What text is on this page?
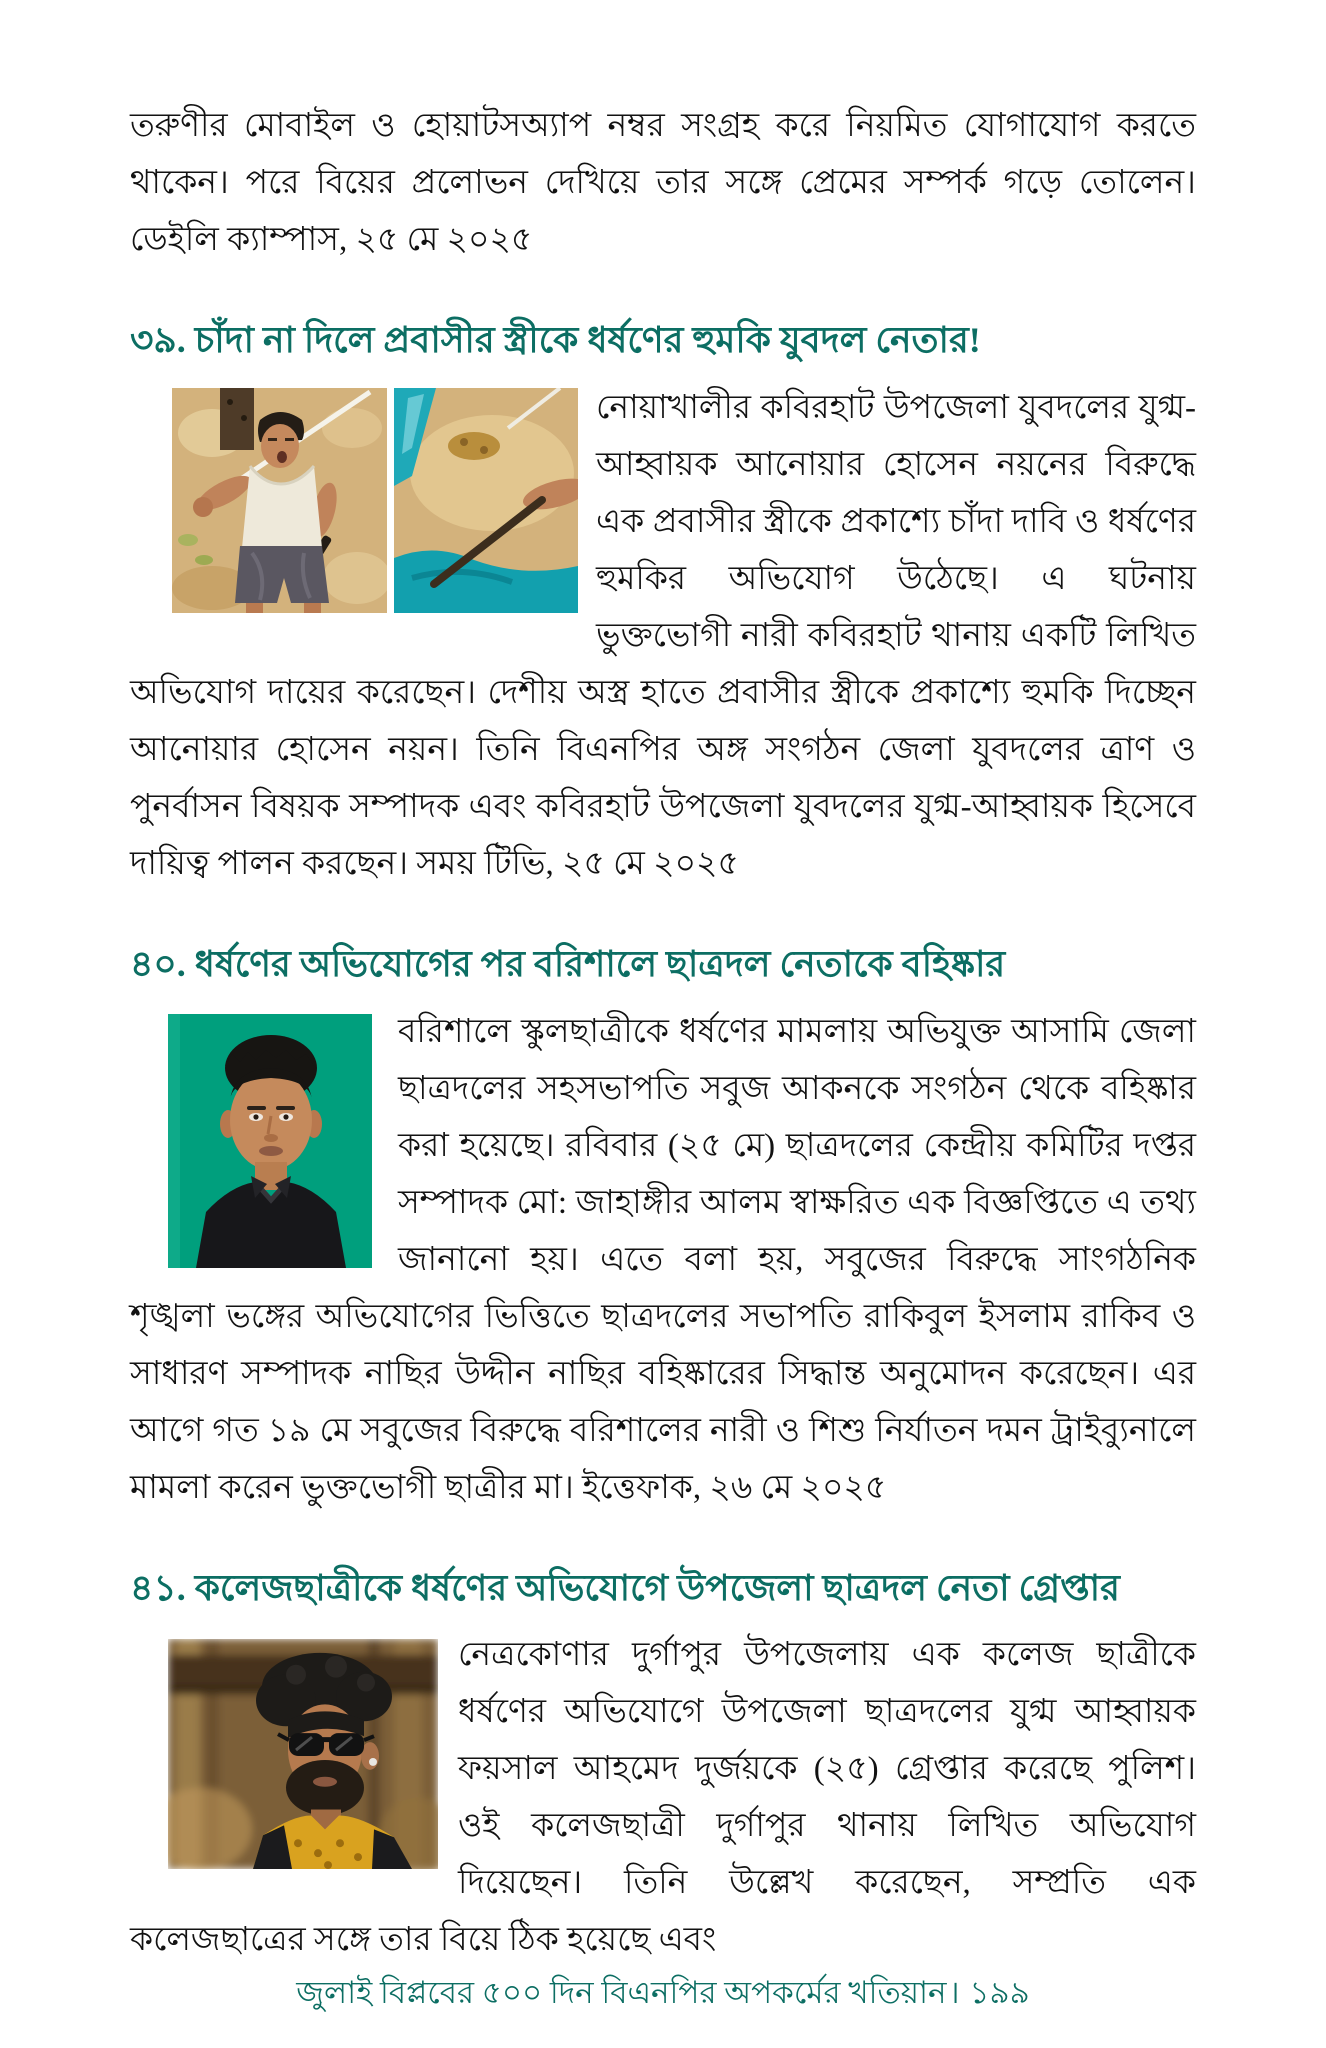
তরুণীর মোবাইল ও হোয়াটসঅ্যাপ নম্বর সংগ্রহ করে নিয়মিত যোগাযোগ করতে থাকেন। পরে বিয়ের প্রলোভন দেখিয়ে তার সঙ্গে প্রেমের সম্পর্ক গড়ে তোলেন। ডেইলি ক্যাম্পাস, ২৫ মে ২০২৫

৩৯. চাঁদা না দিলে প্রবাসীর স্ত্রীকে ধর্ষণের হুমকি যুবদল নেতার!

নোয়াখালীর কবিরহাট উপজেলা যুবদলের যুগ্ম-আহ্বায়ক আনোয়ার হোসেন নয়নের বিরুদ্ধে এক প্রবাসীর স্ত্রীকে প্রকাশ্যে চাঁদা দাবি ও ধর্ষণের হুমকির অভিযোগ উঠেছে। এ ঘটনায় ভুক্তভোগী নারী কবিরহাট থানায় একটি লিখিত অভিযোগ দায়ের করেছেন। দেশীয় অস্ত্র হাতে প্রবাসীর স্ত্রীকে প্রকাশ্যে হুমকি দিচ্ছেন আনোয়ার হোসেন নয়ন। তিনি বিএনপির অঙ্গ সংগঠন জেলা যুবদলের ত্রাণ ও পুনর্বাসন বিষয়ক সম্পাদক এবং কবিরহাট উপজেলা যুবদলের যুগ্ম-আহ্বায়ক হিসেবে দায়িত্ব পালন করছেন। সময় টিভি, ২৫ মে ২০২৫

৪০. ধর্ষণের অভিযোগের পর বরিশালে ছাত্রদল নেতাকে বহিষ্কার

বরিশালে স্কুলছাত্রীকে ধর্ষণের মামলায় অভিযুক্ত আসামি জেলা ছাত্রদলের সহসভাপতি সবুজ আকনকে সংগঠন থেকে বহিষ্কার করা হয়েছে। রবিবার (২৫ মে) ছাত্রদলের কেন্দ্রীয় কমিটির দপ্তর সম্পাদক মো: জাহাঙ্গীর আলম স্বাক্ষরিত এক বিজ্ঞপ্তিতে এ তথ্য জানানো হয়। এতে বলা হয়, সবুজের বিরুদ্ধে সাংগঠনিক শৃঙ্খলা ভঙ্গের অভিযোগের ভিত্তিতে ছাত্রদলের সভাপতি রাকিবুল ইসলাম রাকিব ও সাধারণ সম্পাদক নাছির উদ্দীন নাছির বহিষ্কারের সিদ্ধান্ত অনুমোদন করেছেন। এর আগে গত ১৯ মে সবুজের বিরুদ্ধে বরিশালের নারী ও শিশু নির্যাতন দমন ট্রাইব্যুনালে মামলা করেন ভুক্তভোগী ছাত্রীর মা। ইত্তেফাক, ২৬ মে ২০২৫

৪১. কলেজছাত্রীকে ধর্ষণের অভিযোগে উপজেলা ছাত্রদল নেতা গ্রেপ্তার

নেত্রকোণার দুর্গাপুর উপজেলায় এক কলেজ ছাত্রীকে ধর্ষণের অভিযোগে উপজেলা ছাত্রদলের যুগ্ম আহ্বায়ক ফয়সাল আহমেদ দুর্জয়কে (২৫) গ্রেপ্তার করেছে পুলিশ। ওই কলেজছাত্রী দুর্গাপুর থানায় লিখিত অভিযোগ দিয়েছেন। তিনি উল্লেখ করেছেন, সম্প্রতি এক কলেজছাত্রের সঙ্গে তার বিয়ে ঠিক হয়েছে এবং

জুলাই বিপ্লবের ৫০০ দিন বিএনপির অপকর্মের খতিয়ান। ১৯৯
